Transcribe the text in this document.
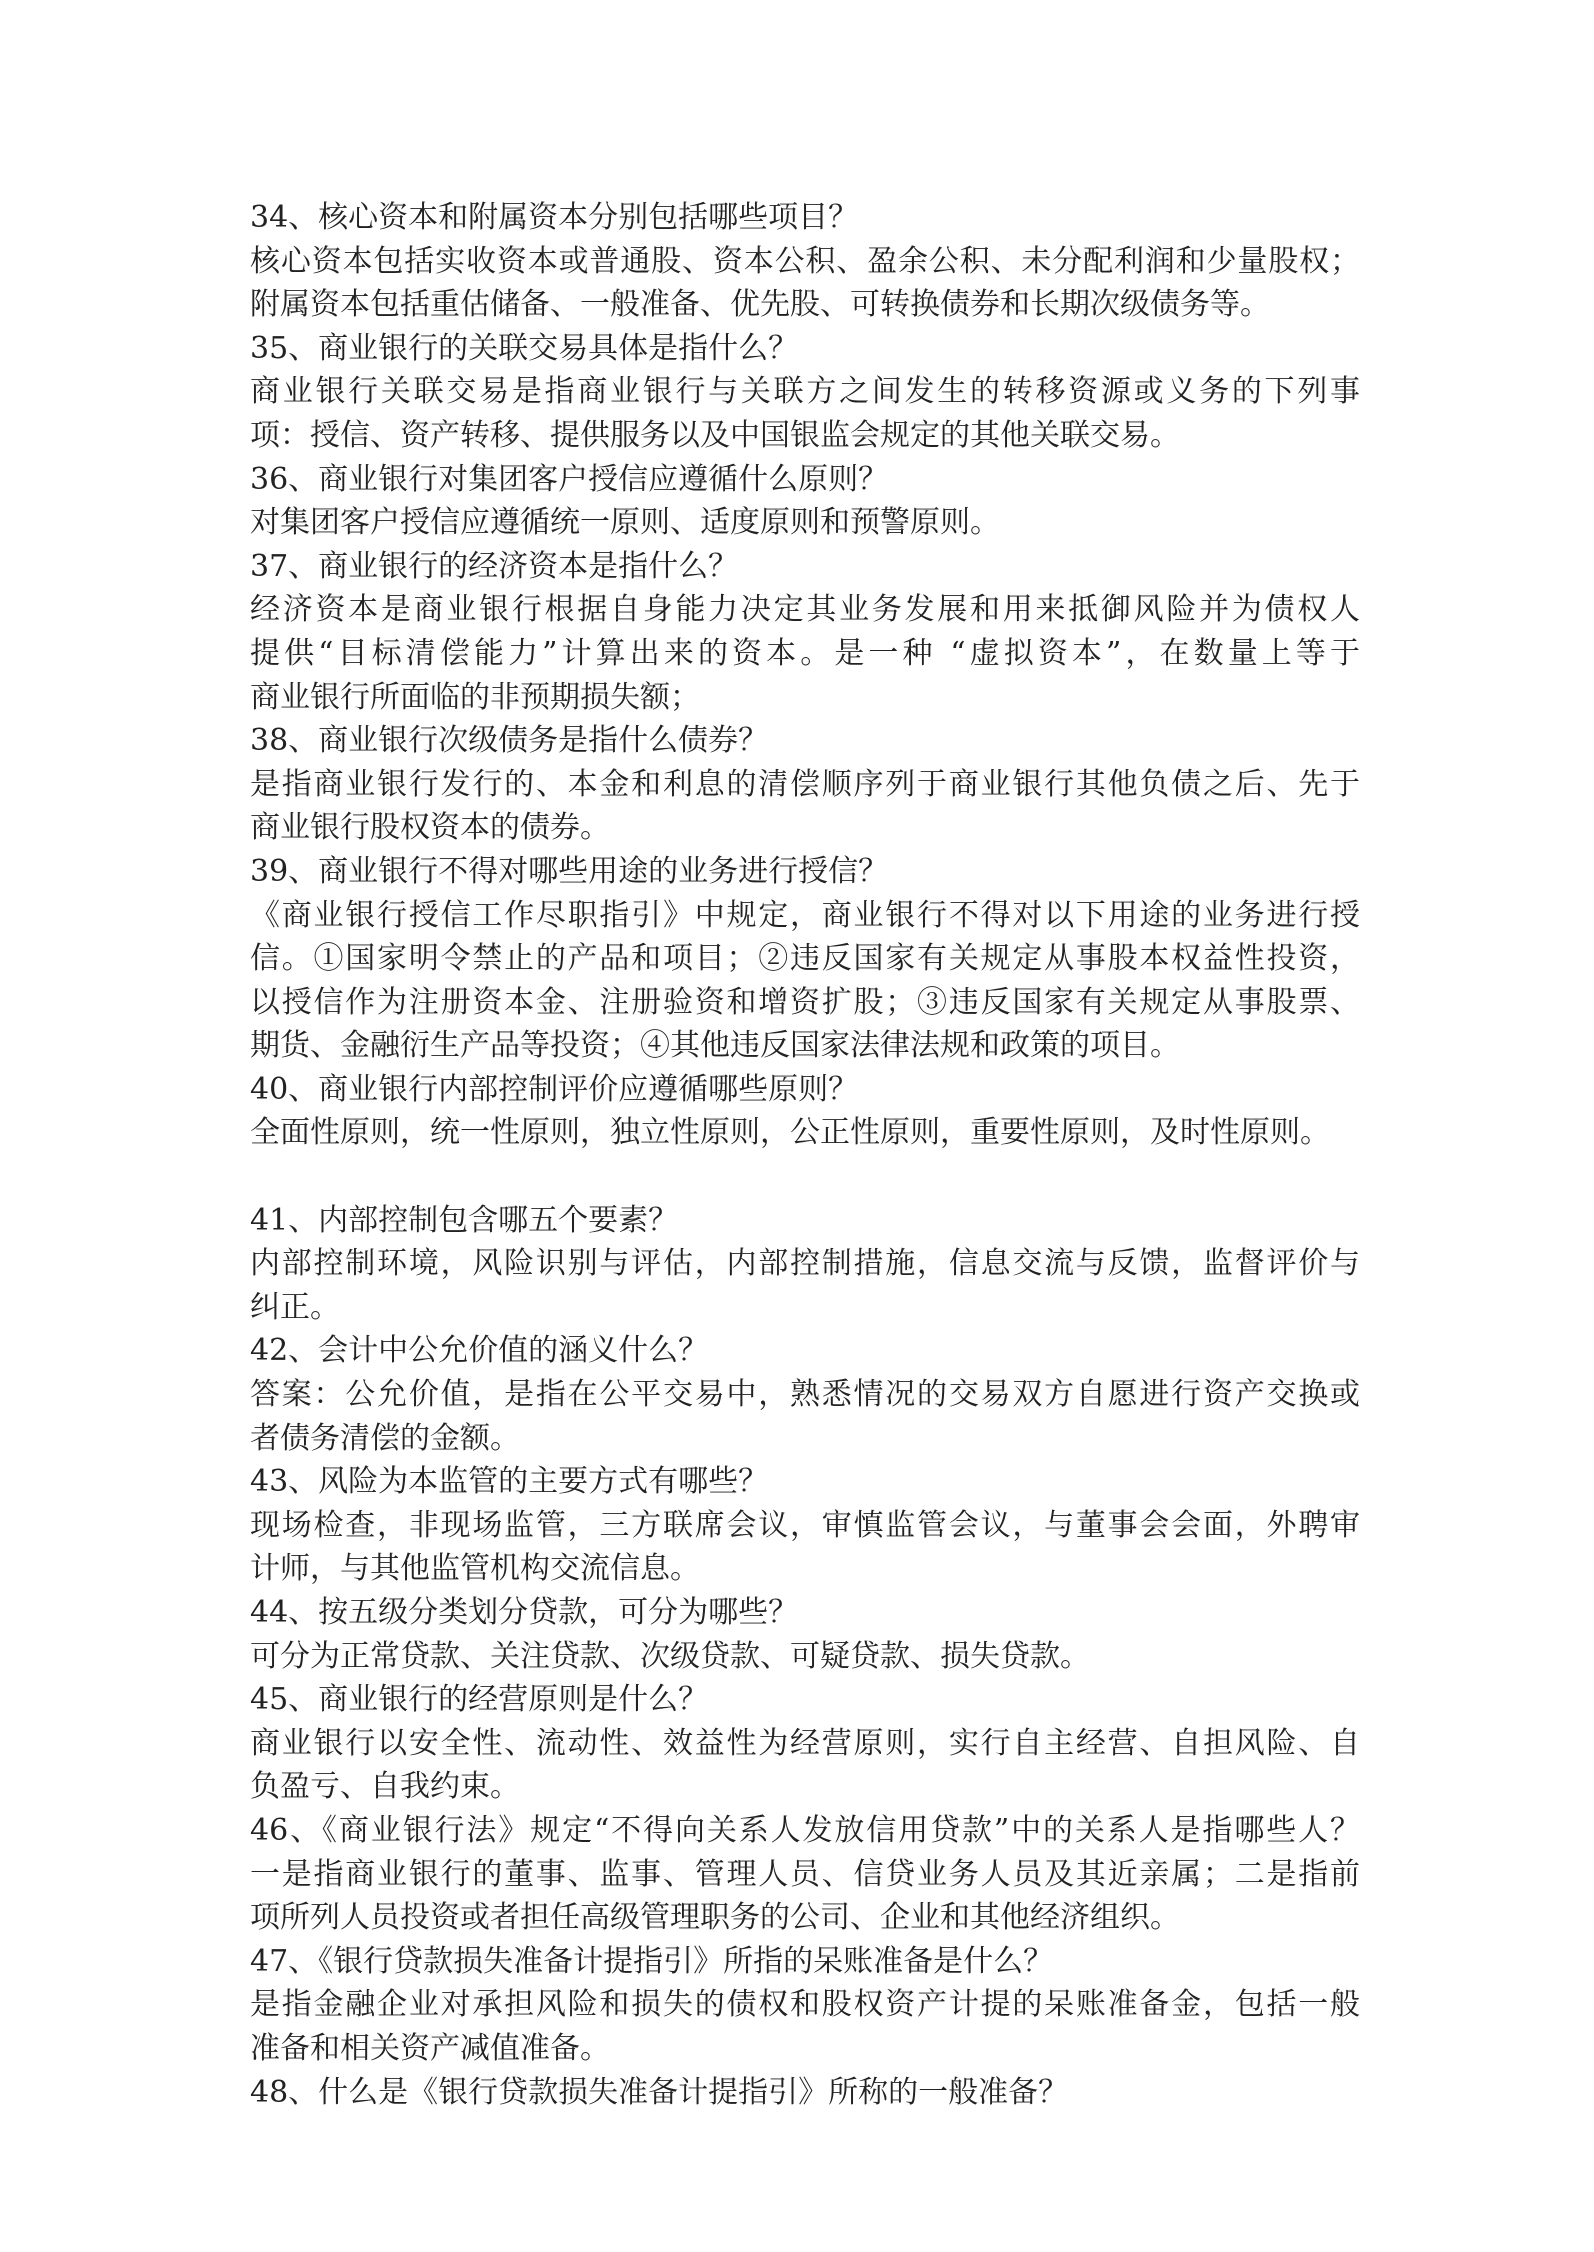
34、核心资本和附属资本分别包括哪些项目？
核心资本包括实收资本或普通股、资本公积、盈余公积、未分配利润和少量股权；
附属资本包括重估储备、一般准备、优先股、可转换债券和长期次级债务等。
35、商业银行的关联交易具体是指什么？
商业银行关联交易是指商业银行与关联方之间发生的转移资源或义务的下列事
项：授信、资产转移、提供服务以及中国银监会规定的其他关联交易。
36、商业银行对集团客户授信应遵循什么原则？
对集团客户授信应遵循统一原则、适度原则和预警原则。
37、商业银行的经济资本是指什么？
经济资本是商业银行根据自身能力决定其业务发展和用来抵御风险并为债权人
提供“目标清偿能力”计算出来的资本。是一种 “虚拟资本”，在数量上等于
商业银行所面临的非预期损失额；
38、商业银行次级债务是指什么债券？
是指商业银行发行的、本金和利息的清偿顺序列于商业银行其他负债之后、先于
商业银行股权资本的债券。
39、商业银行不得对哪些用途的业务进行授信？
《商业银行授信工作尽职指引》中规定，商业银行不得对以下用途的业务进行授
信。①国家明令禁止的产品和项目；②违反国家有关规定从事股本权益性投资，
以授信作为注册资本金、注册验资和增资扩股；③违反国家有关规定从事股票、
期货、金融衍生产品等投资；④其他违反国家法律法规和政策的项目。
40、商业银行内部控制评价应遵循哪些原则？
全面性原则，统一性原则，独立性原则，公正性原则，重要性原则，及时性原则。
41、内部控制包含哪五个要素？
内部控制环境，风险识别与评估，内部控制措施，信息交流与反馈，监督评价与
纠正。
42、会计中公允价值的涵义什么？
答案：公允价值，是指在公平交易中，熟悉情况的交易双方自愿进行资产交换或
者债务清偿的金额。
43、风险为本监管的主要方式有哪些？
现场检查，非现场监管，三方联席会议，审慎监管会议，与董事会会面，外聘审
计师，与其他监管机构交流信息。
44、按五级分类划分贷款，可分为哪些？
可分为正常贷款、关注贷款、次级贷款、可疑贷款、损失贷款。
45、商业银行的经营原则是什么？
商业银行以安全性、流动性、效益性为经营原则，实行自主经营、自担风险、自
负盈亏、自我约束。
46、《商业银行法》规定“不得向关系人发放信用贷款”中的关系人是指哪些人？
一是指商业银行的董事、监事、管理人员、信贷业务人员及其近亲属；二是指前
项所列人员投资或者担任高级管理职务的公司、企业和其他经济组织。
47、《银行贷款损失准备计提指引》所指的呆账准备是什么？
是指金融企业对承担风险和损失的债权和股权资产计提的呆账准备金，包括一般
准备和相关资产减值准备。
48、什么是《银行贷款损失准备计提指引》所称的一般准备？
